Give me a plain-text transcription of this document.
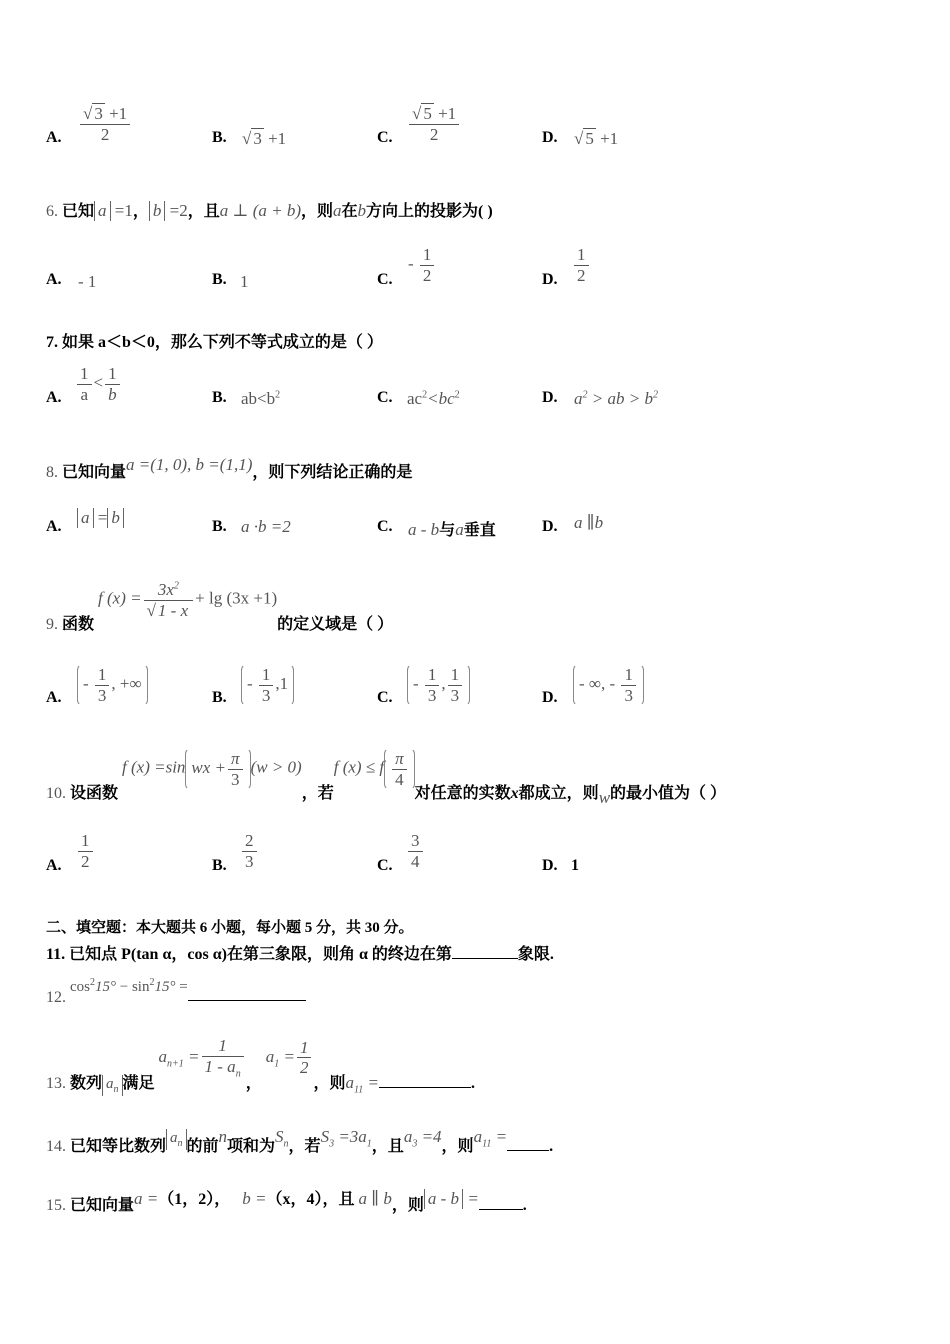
A. $\frac{√ 3 +1}{2}$	B. √ 3 +1	C. $\frac{√ 5 +1}{2}$	D. √ 5 +1
6. 已知 a =1， b =2，且a ⊥ (a + b)，则a在b方向上的投影为( )
A. - 1	B. 1	C.
- $\frac{1}{2}$	D. $\frac{1}{2}$
7. 如果 a＜b＜0，那么下列不等式成立的是（ ）
A. $\frac{1}{a} < \frac{1}{b}$	B. $ab<b^2$	C. $ac^2<bc^2$	D. $a^2$ > ab > $b^2$
8. 已知向量a =(1, 0), b =(1,1)，则下列结论正确的是
A. a = b	B. a ·b =2	C. a - b与a垂直	D. a ∥b
9. 函数 f $(x) = \frac{3x^2}{√ 1 - x} + \lg (3x +1)$的定义域是（ ）
A.
- $\frac{1}{3}$ , +∞
B.
- $\frac{1}{3} ,1$
C.
- $\frac{1}{3}$ , $\frac{1}{3}$	D.
- ∞, - $\frac{1}{3}$
10. 设函数 f (x) =sin wx + $\frac{\pi}{3} (w > 0)$，若f (x) ≤ f $\frac{\pi}{4}$
对任意的实数x都成立，则w的最小值为（ ）
A. $\frac{1}{2}$	B. $\frac{2}{3}$	C. $\frac{3}{4}$	D. 1
二、填空题：本大题共 6 小题，每小题 5 分，共 30 分。
11. 已知点 P(tan α，cos α)在第三象限，则角 α 的终边在第	象限.
12. $\cos^215^\circ - \sin^215^\circ$ =
13. 数列 $a_n$ 满足 $a_{n+1} = \frac{1}{1 - a_n}$
， $a_1 = \frac{1}{2}$
，则$a_{11}$ =	.
14. 已知等比数列 $a_n$ 的前n项和为$S_n$，若$S_3 =3a_1$，且$a_3 =4$，则$a_{11}$ =.
15. 已知向量a =（1，2）， b =（x，4），且 a ∥ b，则 a - b =	.
